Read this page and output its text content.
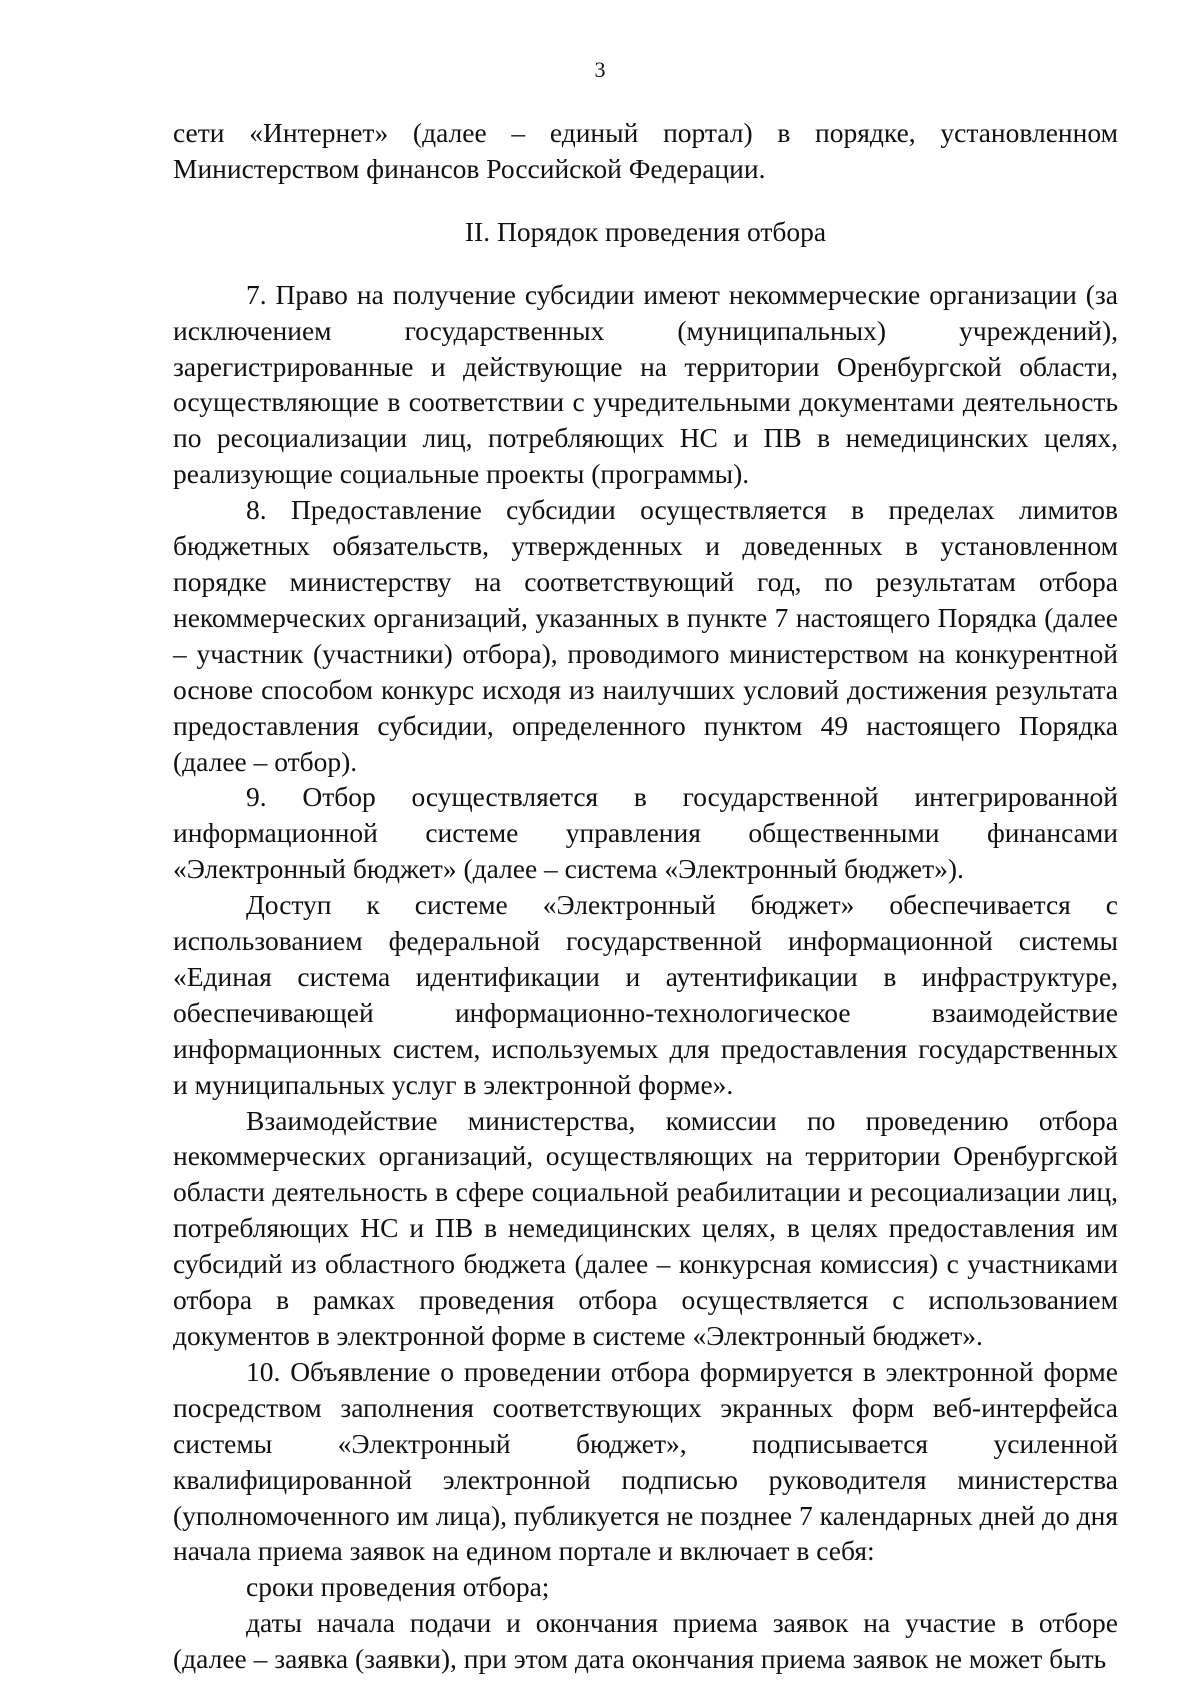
3

сети «Интернет» (далее – единый портал) в порядке, установленном Министерством финансов Российской Федерации.

II. Порядок проведения отбора

7. Право на получение субсидии имеют некоммерческие организации (за исключением государственных (муниципальных) учреждений), зарегистрированные и действующие на территории Оренбургской области, осуществляющие в соответствии с учредительными документами деятельность по ресоциализации лиц, потребляющих НС и ПВ в немедицинских целях, реализующие социальные проекты (программы).

8. Предоставление субсидии осуществляется в пределах лимитов бюджетных обязательств, утвержденных и доведенных в установленном порядке министерству на соответствующий год, по результатам отбора некоммерческих организаций, указанных в пункте 7 настоящего Порядка (далее – участник (участники) отбора), проводимого министерством на конкурентной основе способом конкурс исходя из наилучших условий достижения результата предоставления субсидии, определенного пунктом 49 настоящего Порядка (далее – отбор).

9. Отбор осуществляется в государственной интегрированной информационной системе управления общественными финансами «Электронный бюджет» (далее – система «Электронный бюджет»).

Доступ к системе «Электронный бюджет» обеспечивается с использованием федеральной государственной информационной системы «Единая система идентификации и аутентификации в инфраструктуре, обеспечивающей информационно-технологическое взаимодействие информационных систем, используемых для предоставления государственных и муниципальных услуг в электронной форме».

Взаимодействие министерства, комиссии по проведению отбора некоммерческих организаций, осуществляющих на территории Оренбургской области деятельность в сфере социальной реабилитации и ресоциализации лиц, потребляющих НС и ПВ в немедицинских целях, в целях предоставления им субсидий из областного бюджета (далее – конкурсная комиссия) с участниками отбора в рамках проведения отбора осуществляется с использованием документов в электронной форме в системе «Электронный бюджет».

10. Объявление о проведении отбора формируется в электронной форме посредством заполнения соответствующих экранных форм веб-интерфейса системы «Электронный бюджет», подписывается усиленной квалифицированной электронной подписью руководителя министерства (уполномоченного им лица), публикуется не позднее 7 календарных дней до дня начала приема заявок на едином портале и включает в себя:

сроки проведения отбора;

даты начала подачи и окончания приема заявок на участие в отборе (далее – заявка (заявки), при этом дата окончания приема заявок не может быть
